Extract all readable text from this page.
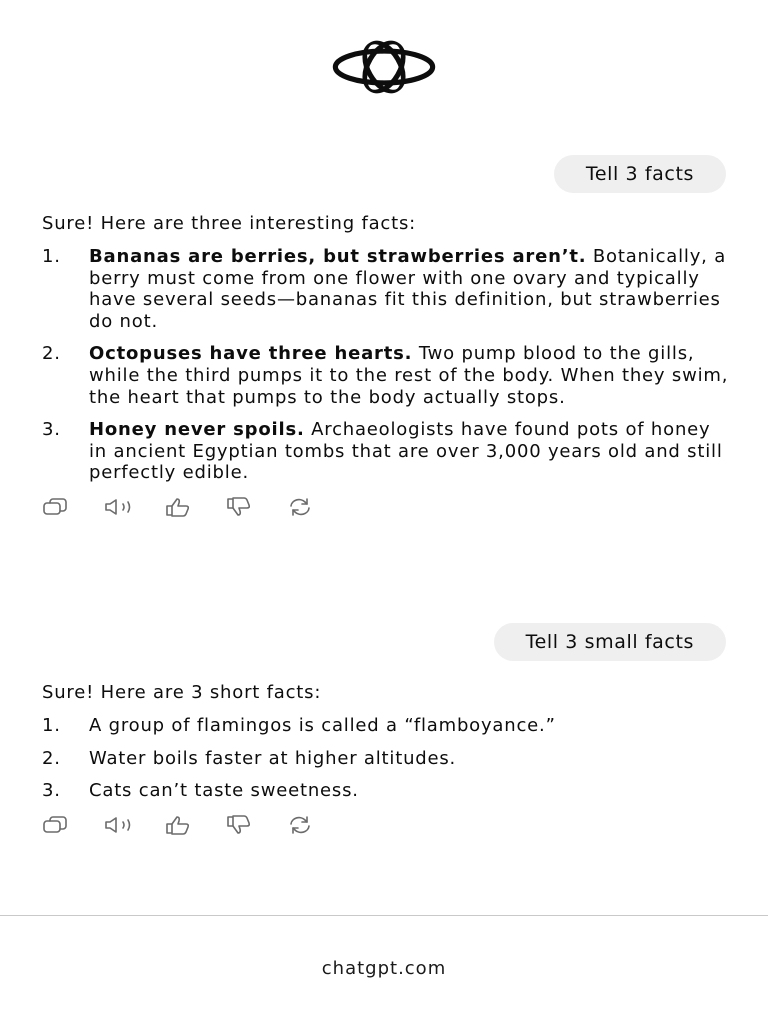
Tell 3 facts

Sure! Here are three interesting facts:

1. Bananas are berries, but strawberries aren’t. Botanically, a berry must come from one flower with one ovary and typically have several seeds—bananas fit this definition, but strawberries do not.
2. Octopuses have three hearts. Two pump blood to the gills, while the third pumps it to the rest of the body. When they swim, the heart that pumps to the body actually stops.
3. Honey never spoils. Archaeologists have found pots of honey in ancient Egyptian tombs that are over 3,000 years old and still perfectly edible.
Tell 3 small facts

Sure! Here are 3 short facts:

1. A group of flamingos is called a “flamboyance.”
2. Water boils faster at higher altitudes.
3. Cats can’t taste sweetness.
chatgpt.com
